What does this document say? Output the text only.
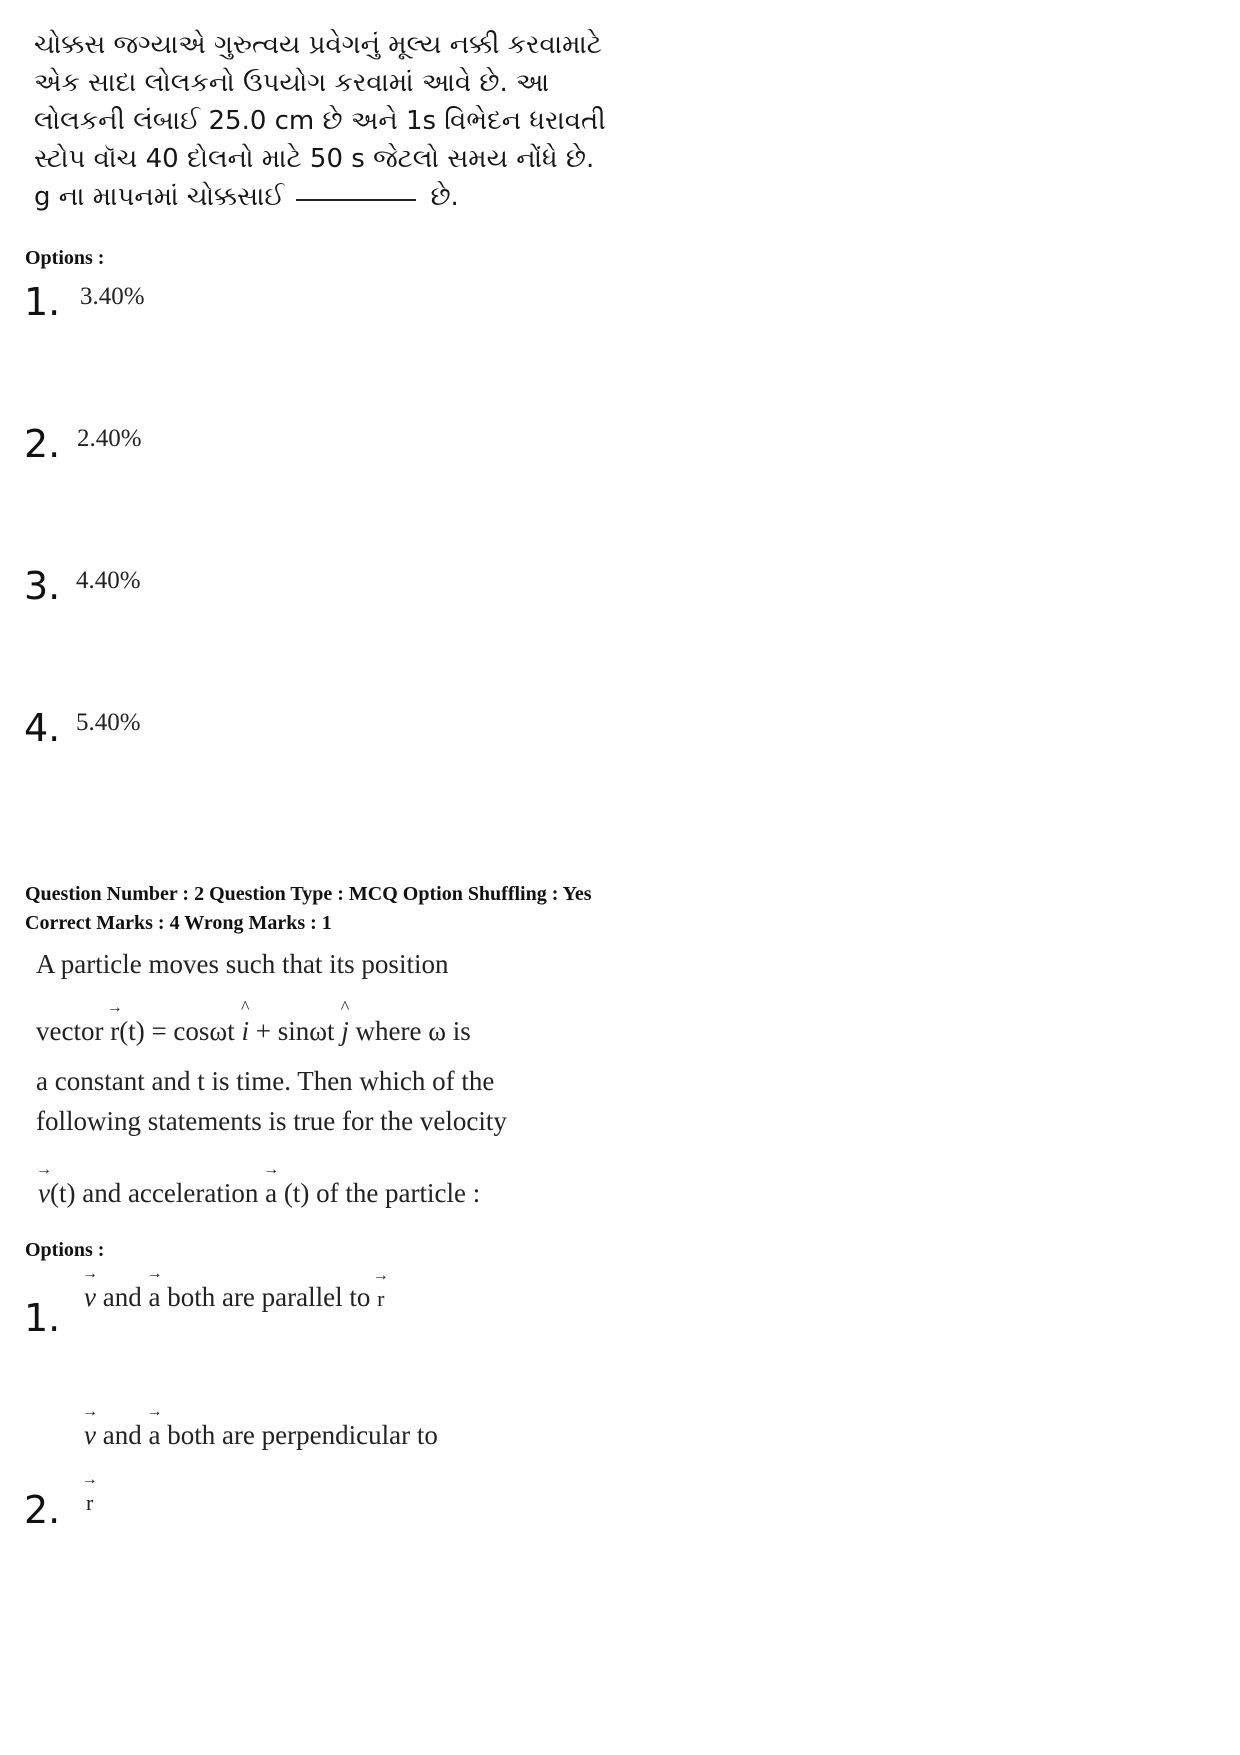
ચોક્કસ જગ્યાએ ગુરુત્વય પ્રવેગનું મૂલ્ય નક્કી કરવામાટે
એક સાદા લોલકનો ઉપયોગ કરવામાં આવે છે. આ
લોલકની લંબાઈ 25.0 cm છે અને 1s વિભેદન ધરાવતી
સ્ટોપ વૉચ 40 દોલનો માટે 50 s જેટલો સમય નોંધે છે.
g ના માપનમાં ચોક્કસાઈ	છે.
Options :
1. 3.40%
2. 2.40%
3. 4.40%
4. 5.40%
Question Number : 2 Question Type : MCQ Option Shuffling : Yes
Correct Marks : 4 Wrong Marks : 1
A particle moves such that its position
vector
→
r(t) = cosωt
^
i + sinωt
^
j where ω is
a constant and t is time. Then which of the
following statements is true for the velocity
→
v(t) and acceleration
→
a (t) of the particle :
Options :
1.
→
v and
→
a both are parallel to
→
r
→
v and
→
a both are perpendicular to
2.
→
r
